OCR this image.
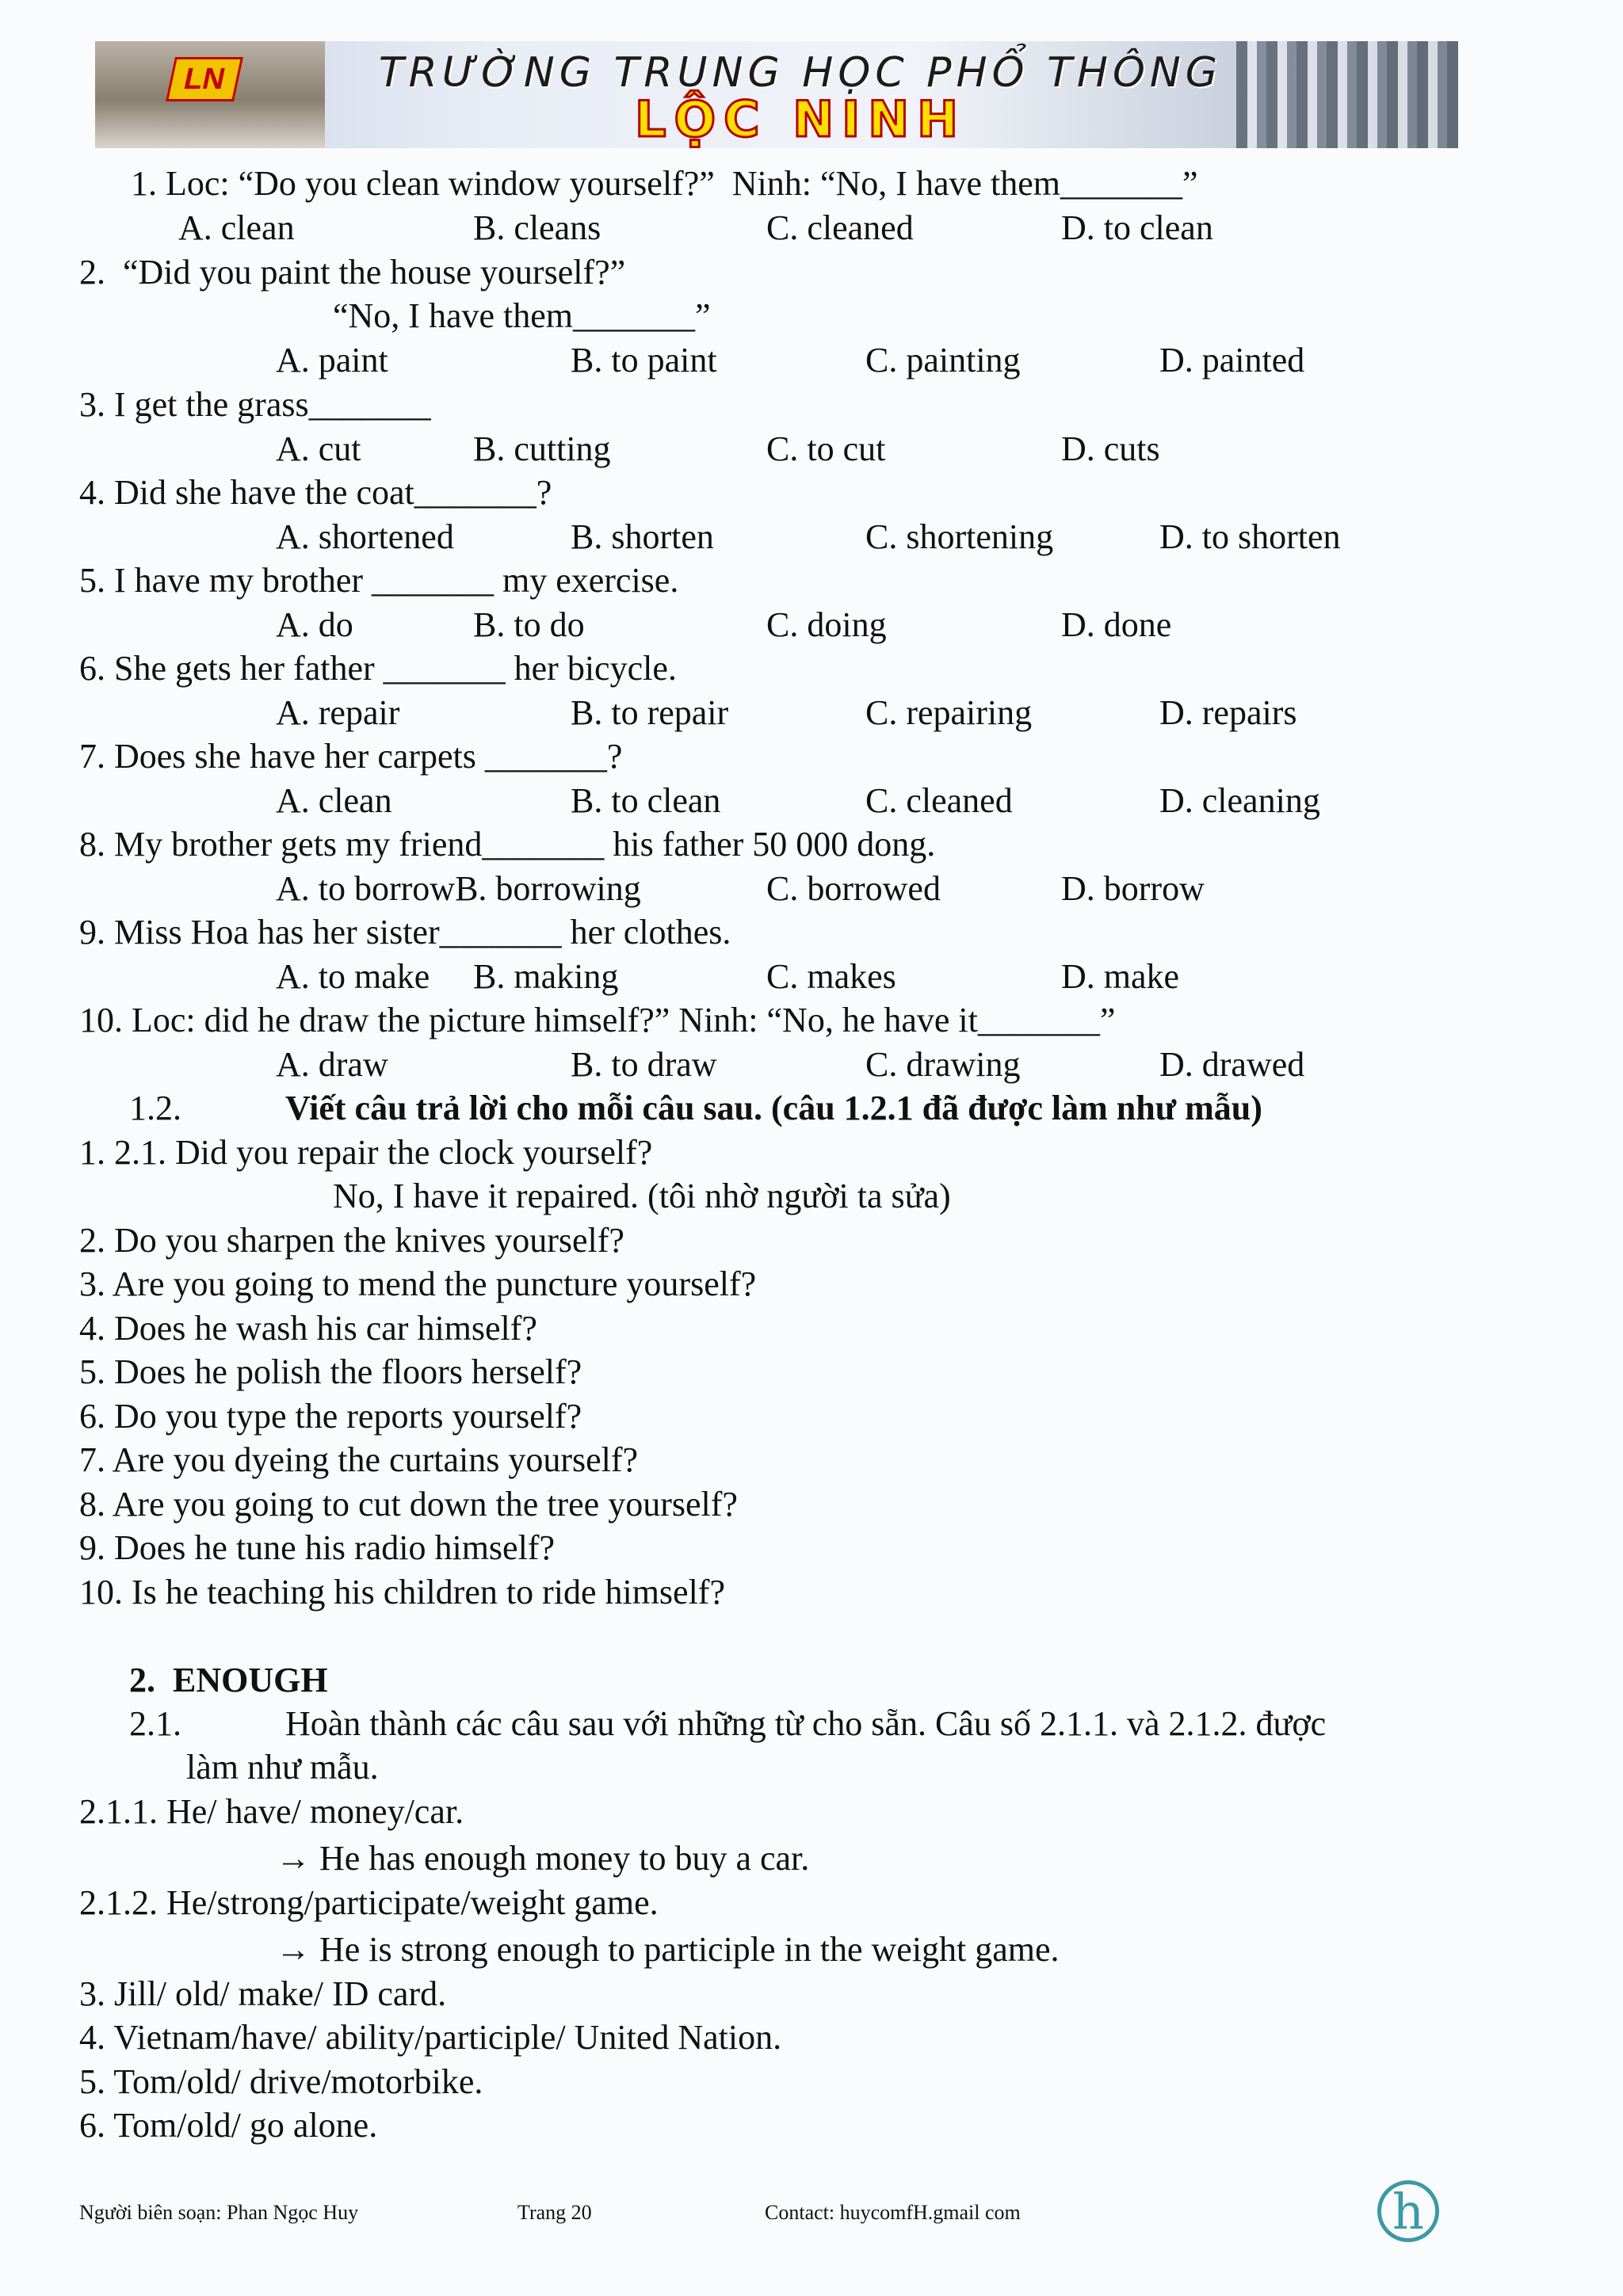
LN	TRƯỜNG TRUNG HỌC PHỔ THÔNG
LỘC NINH
1. Loc: “Do you clean window yourself?”  Ninh: “No, I have them_______”
A. clean	B. cleans	C. cleaned	D. to clean
2.  “Did you paint the house yourself?”
“No, I have them_______”
A. paint	B. to paint	C. painting	D. painted
3. I get the grass_______
A. cut	B. cutting	C. to cut	D. cuts
4. Did she have the coat_______?
A. shortened	B. shorten	C. shortening	D. to shorten
5. I have my brother _______ my exercise.
A. do	B. to do	C. doing	D. done
6. She gets her father _______ her bicycle.
A. repair	B. to repair	C. repairing	D. repairs
7. Does she have her carpets _______?
A. clean	B. to clean	C. cleaned	D. cleaning
8. My brother gets my friend_______ his father 50 000 dong.
A. to borrowB. borrowing	C. borrowed	D. borrow
9. Miss Hoa has her sister_______ her clothes.
A. to make B. making	C. makes	D. make
10. Loc: did he draw the picture himself?” Ninh: “No, he have it_______”
A. draw	B. to draw	C. drawing	D. drawed
1.2.	Viết câu trả lời cho mỗi câu sau. (câu 1.2.1 đã được làm như mẫu)
1. 2.1. Did you repair the clock yourself?
No, I have it repaired. (tôi nhờ người ta sửa)
2. Do you sharpen the knives yourself?
3. Are you going to mend the puncture yourself?
4. Does he wash his car himself?
5. Does he polish the floors herself?
6. Do you type the reports yourself?
7. Are you dyeing the curtains yourself?
8. Are you going to cut down the tree yourself?
9. Does he tune his radio himself?
10. Is he teaching his children to ride himself?
2.  ENOUGH
2.1.	Hoàn thành các câu sau với những từ cho sẵn. Câu số 2.1.1. và 2.1.2. được
làm như mẫu.
2.1.1. He/ have/ money/car.
→ He has enough money to buy a car.
2.1.2. He/strong/participate/weight game.
→ He is strong enough to participle in the weight game.
3. Jill/ old/ make/ ID card.
4. Vietnam/have/ ability/participle/ United Nation.
5. Tom/old/ drive/motorbike.
6. Tom/old/ go alone.
Người biên soạn: Phan Ngọc Huy	Trang 20	Contact: huycomfH.gmail com	h
